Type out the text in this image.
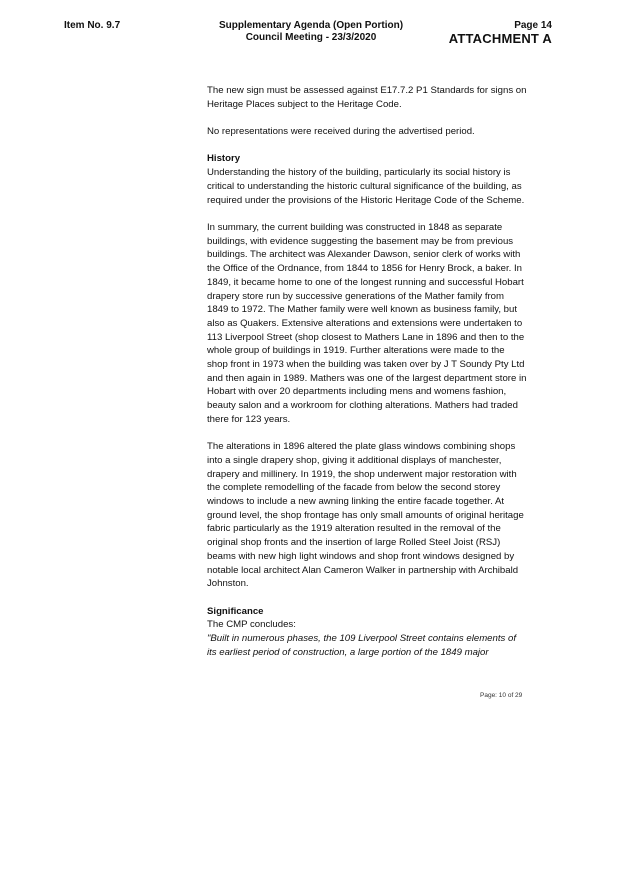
Item No. 9.7	Supplementary Agenda (Open Portion)
Council Meeting - 23/3/2020
Page 14
ATTACHMENT A

The new sign must be assessed against E17.7.2 P1 Standards for signs on Heritage Places subject to the Heritage Code.

No representations were received during the advertised period.

History

Understanding the history of the building, particularly its social history is critical to understanding the historic cultural significance of the building, as required under the provisions of the Historic Heritage Code of the Scheme.

In summary, the current building was constructed in 1848 as separate buildings, with evidence suggesting the basement may be from previous buildings. The architect was Alexander Dawson, senior clerk of works with the Office of the Ordnance, from 1844 to 1856 for Henry Brock, a baker. In 1849, it became home to one of the longest running and successful Hobart drapery store run by successive generations of the Mather family from 1849 to 1972. The Mather family were well known as business family, but also as Quakers. Extensive alterations and extensions were undertaken to 113 Liverpool Street (shop closest to Mathers Lane in 1896 and then to the whole group of buildings in 1919. Further alterations were made to the shop front in 1973 when the building was taken over by J T Soundy Pty Ltd and then again in 1989. Mathers was one of the largest department store in Hobart with over 20 departments including mens and womens fashion, beauty salon and a workroom for clothing alterations. Mathers had traded there for 123 years.

The alterations in 1896 altered the plate glass windows combining shops into a single drapery shop, giving it additional displays of manchester, drapery and millinery. In 1919, the shop underwent major restoration with the complete remodelling of the facade from below the second storey windows to include a new awning linking the entire facade together. At ground level, the shop frontage has only small amounts of original heritage fabric particularly as the 1919 alteration resulted in the removal of the original shop fronts and the insertion of large Rolled Steel Joist (RSJ) beams with new high light windows and shop front windows designed by notable local architect Alan Cameron Walker in partnership with Archibald Johnston.

Significance
The CMP concludes:
"Built in numerous phases, the 109 Liverpool Street contains elements of its earliest period of construction, a large portion of the 1849 major
Page: 10 of 29
